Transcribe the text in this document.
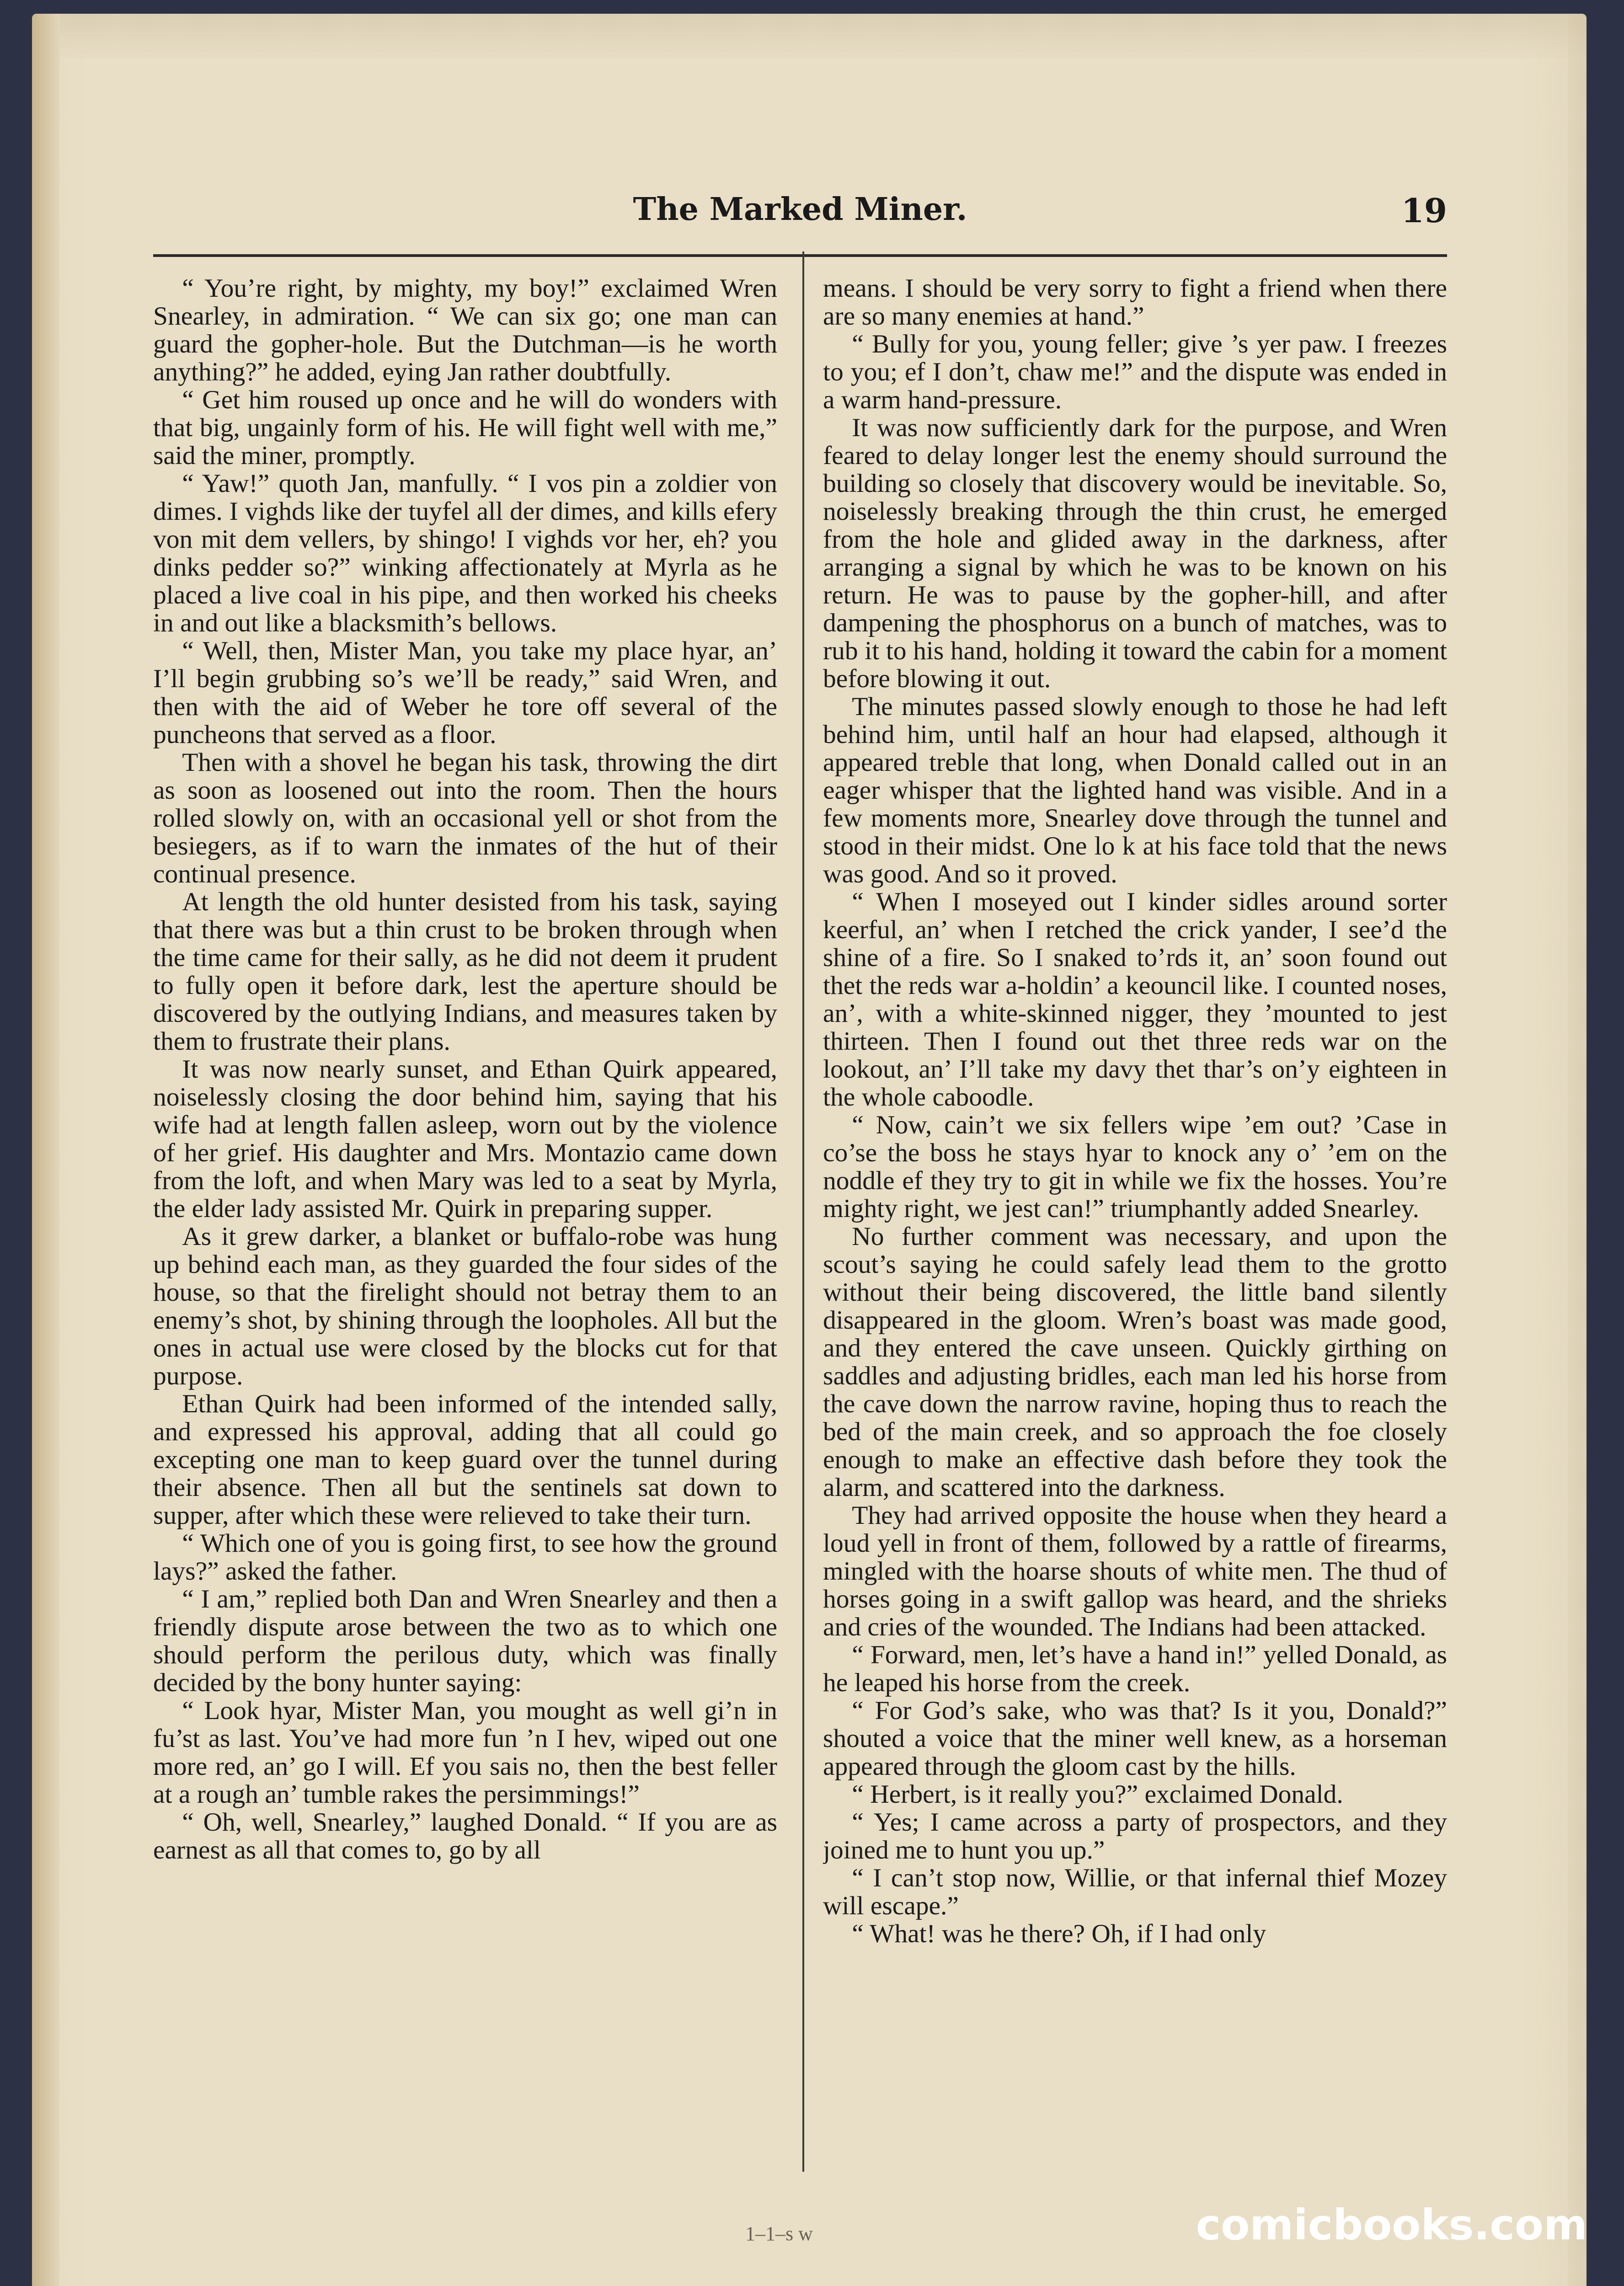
The Marked Miner.	19

“ You’re right, by mighty, my boy!” exclaimed Wren Snearley, in admiration. “ We can six go; one man can guard the gopher-hole. But the Dutchman—is he worth anything?” he added, eying Jan rather doubtfully.

“ Get him roused up once and he will do wonders with that big, ungainly form of his. He will fight well with me,” said the miner, promptly.

“ Yaw!” quoth Jan, manfully. “ I vos pin a zoldier von dimes. I vighds like der tuyfel all der dimes, and kills efery von mit dem vellers, by shingo! I vighds vor her, eh? you dinks pedder so?” winking affectionately at Myrla as he placed a live coal in his pipe, and then worked his cheeks in and out like a blacksmith’s bellows.

“ Well, then, Mister Man, you take my place hyar, an’ I’ll begin grubbing so’s we’ll be ready,” said Wren, and then with the aid of Weber he tore off several of the puncheons that served as a floor.

Then with a shovel he began his task, throwing the dirt as soon as loosened out into the room. Then the hours rolled slowly on, with an occasional yell or shot from the besiegers, as if to warn the inmates of the hut of their continual presence.

At length the old hunter desisted from his task, saying that there was but a thin crust to be broken through when the time came for their sally, as he did not deem it prudent to fully open it before dark, lest the aperture should be discovered by the outlying Indians, and measures taken by them to frustrate their plans.

It was now nearly sunset, and Ethan Quirk appeared, noiselessly closing the door behind him, saying that his wife had at length fallen asleep, worn out by the violence of her grief. His daughter and Mrs. Montazio came down from the loft, and when Mary was led to a seat by Myrla, the elder lady assisted Mr. Quirk in preparing supper.

As it grew darker, a blanket or buffalo-robe was hung up behind each man, as they guarded the four sides of the house, so that the firelight should not betray them to an enemy’s shot, by shining through the loopholes. All but the ones in actual use were closed by the blocks cut for that purpose.

Ethan Quirk had been informed of the intended sally, and expressed his approval, adding that all could go excepting one man to keep guard over the tunnel during their absence. Then all but the sentinels sat down to supper, after which these were relieved to take their turn.

“ Which one of you is going first, to see how the ground lays?” asked the father.

“ I am,” replied both Dan and Wren Snearley and then a friendly dispute arose between the two as to which one should perform the perilous duty, which was finally decided by the bony hunter saying:

“ Look hyar, Mister Man, you mought as well gi’n in fu’st as last. You’ve had more fun ’n I hev, wiped out one more red, an’ go I will. Ef you sais no, then the best feller at a rough an’ tumble rakes the persimmings!”

“ Oh, well, Snearley,” laughed Donald. “ If you are as earnest as all that comes to, go by all

means. I should be very sorry to fight a friend when there are so many enemies at hand.”

“ Bully for you, young feller; give ’s yer paw. I freezes to you; ef I don’t, chaw me!” and the dispute was ended in a warm hand-pressure.

It was now sufficiently dark for the purpose, and Wren feared to delay longer lest the enemy should surround the building so closely that discovery would be inevitable. So, noiselessly breaking through the thin crust, he emerged from the hole and glided away in the darkness, after arranging a signal by which he was to be known on his return. He was to pause by the gopher-hill, and after dampening the phosphorus on a bunch of matches, was to rub it to his hand, holding it toward the cabin for a moment before blowing it out.

The minutes passed slowly enough to those he had left behind him, until half an hour had elapsed, although it appeared treble that long, when Donald called out in an eager whisper that the lighted hand was visible. And in a few moments more, Snearley dove through the tunnel and stood in their midst. One lo k at his face told that the news was good. And so it proved.

“ When I moseyed out I kinder sidles around sorter keerful, an’ when I retched the crick yander, I see’d the shine of a fire. So I snaked to’rds it, an’ soon found out thet the reds war a-holdin’ a keouncil like. I counted noses, an’, with a white-skinned nigger, they ’mounted to jest thirteen. Then I found out thet three reds war on the lookout, an’ I’ll take my davy thet thar’s on’y eighteen in the whole caboodle.

“ Now, cain’t we six fellers wipe ’em out? ’Case in co’se the boss he stays hyar to knock any o’ ’em on the noddle ef they try to git in while we fix the hosses. You’re mighty right, we jest can!” triumphantly added Snearley.

No further comment was necessary, and upon the scout’s saying he could safely lead them to the grotto without their being discovered, the little band silently disappeared in the gloom. Wren’s boast was made good, and they entered the cave unseen. Quickly girthing on saddles and adjusting bridles, each man led his horse from the cave down the narrow ravine, hoping thus to reach the bed of the main creek, and so approach the foe closely enough to make an effective dash before they took the alarm, and scattered into the darkness.

They had arrived opposite the house when they heard a loud yell in front of them, followed by a rattle of firearms, mingled with the hoarse shouts of white men. The thud of horses going in a swift gallop was heard, and the shrieks and cries of the wounded. The Indians had been attacked.

“ Forward, men, let’s have a hand in!” yelled Donald, as he leaped his horse from the creek.

“ For God’s sake, who was that? Is it you, Donald?” shouted a voice that the miner well knew, as a horseman appeared through the gloom cast by the hills.

“ Herbert, is it really you?” exclaimed Donald.

“ Yes; I came across a party of prospectors, and they joined me to hunt you up.”

“ I can’t stop now, Willie, or that infernal thief Mozey will escape.”

“ What! was he there? Oh, if I had only

1–1–s w	comicbooks.com
